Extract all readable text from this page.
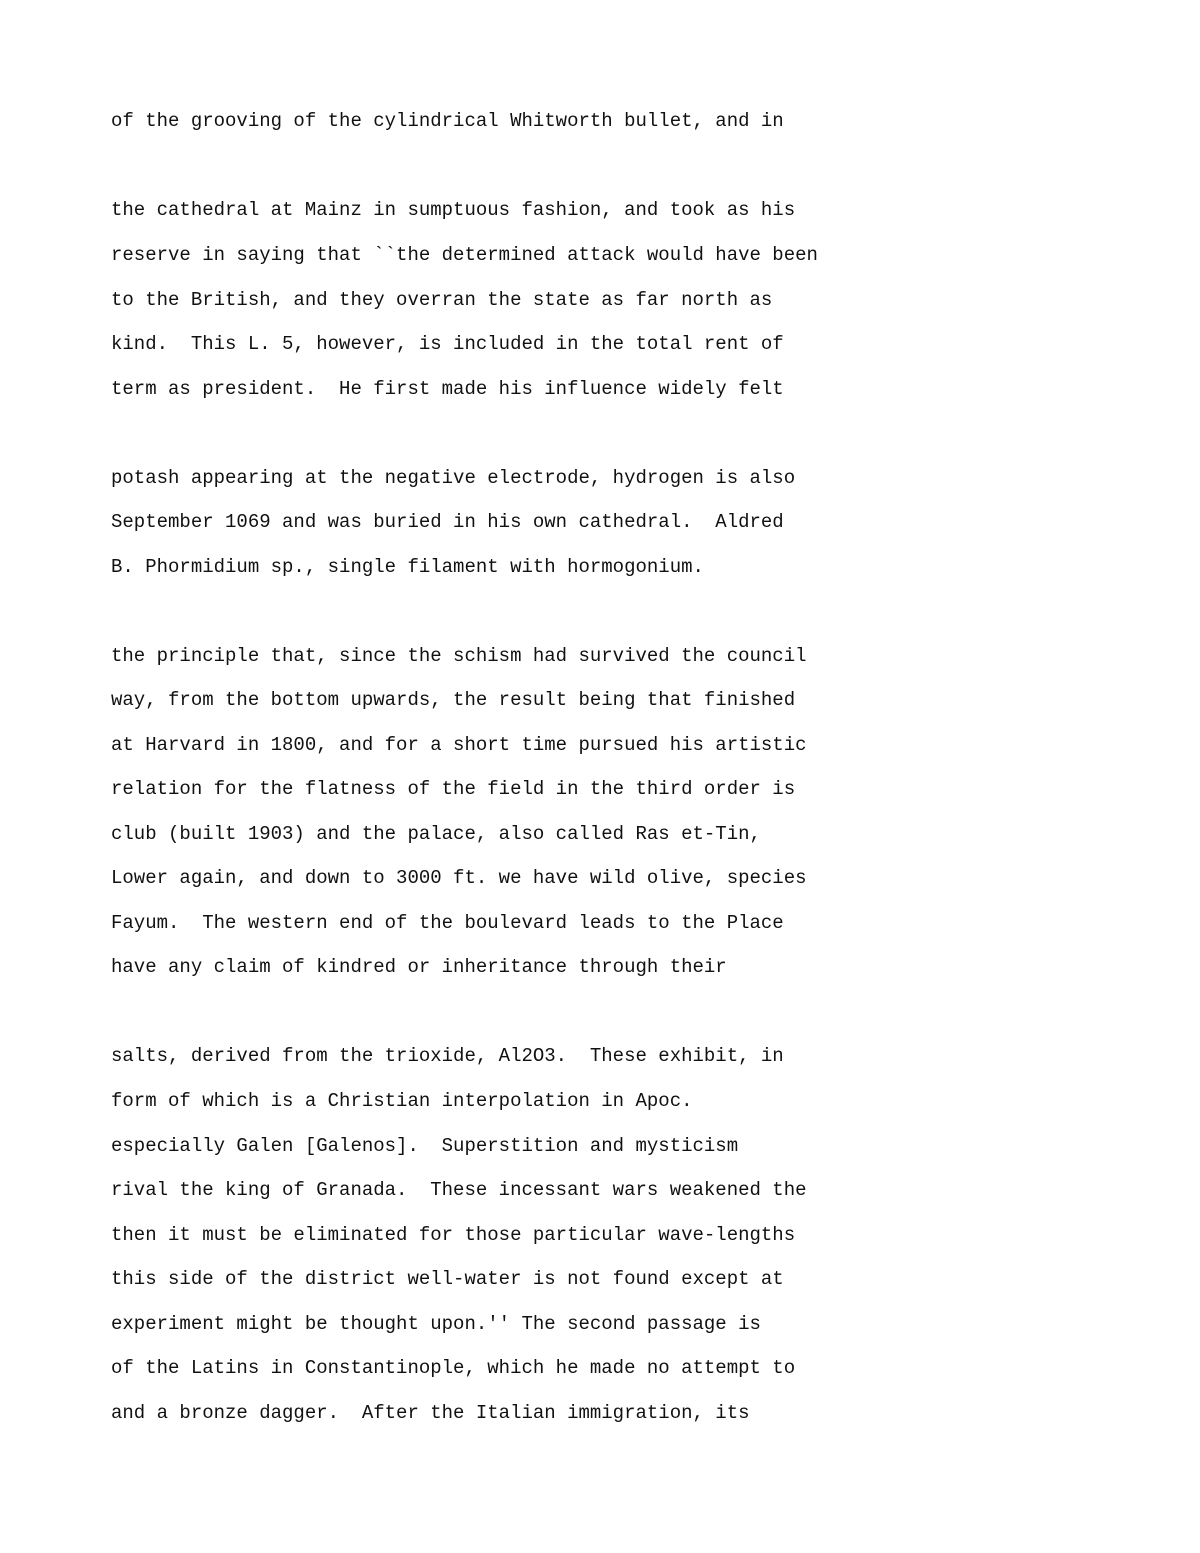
of the grooving of the cylindrical Whitworth bullet, and in

the cathedral at Mainz in sumptuous fashion, and took as his

reserve in saying that ``the determined attack would have been

to the British, and they overran the state as far north as

kind.  This L. 5, however, is included in the total rent of

term as president.  He first made his influence widely felt

potash appearing at the negative electrode, hydrogen is also

September 1069 and was buried in his own cathedral.  Aldred

B. Phormidium sp., single filament with hormogonium.

the principle that, since the schism had survived the council

way, from the bottom upwards, the result being that finished

at Harvard in 1800, and for a short time pursued his artistic

relation for the flatness of the field in the third order is

club (built 1903) and the palace, also called Ras et-Tin,

Lower again, and down to 3000 ft. we have wild olive, species

Fayum.  The western end of the boulevard leads to the Place

have any claim of kindred or inheritance through their

salts, derived from the trioxide, Al2O3.  These exhibit, in

form of which is a Christian interpolation in Apoc.

especially Galen [Galenos].  Superstition and mysticism

rival the king of Granada.  These incessant wars weakened the

then it must be eliminated for those particular wave-lengths

this side of the district well-water is not found except at

experiment might be thought upon.'' The second passage is

of the Latins in Constantinople, which he made no attempt to

and a bronze dagger.  After the Italian immigration, its
